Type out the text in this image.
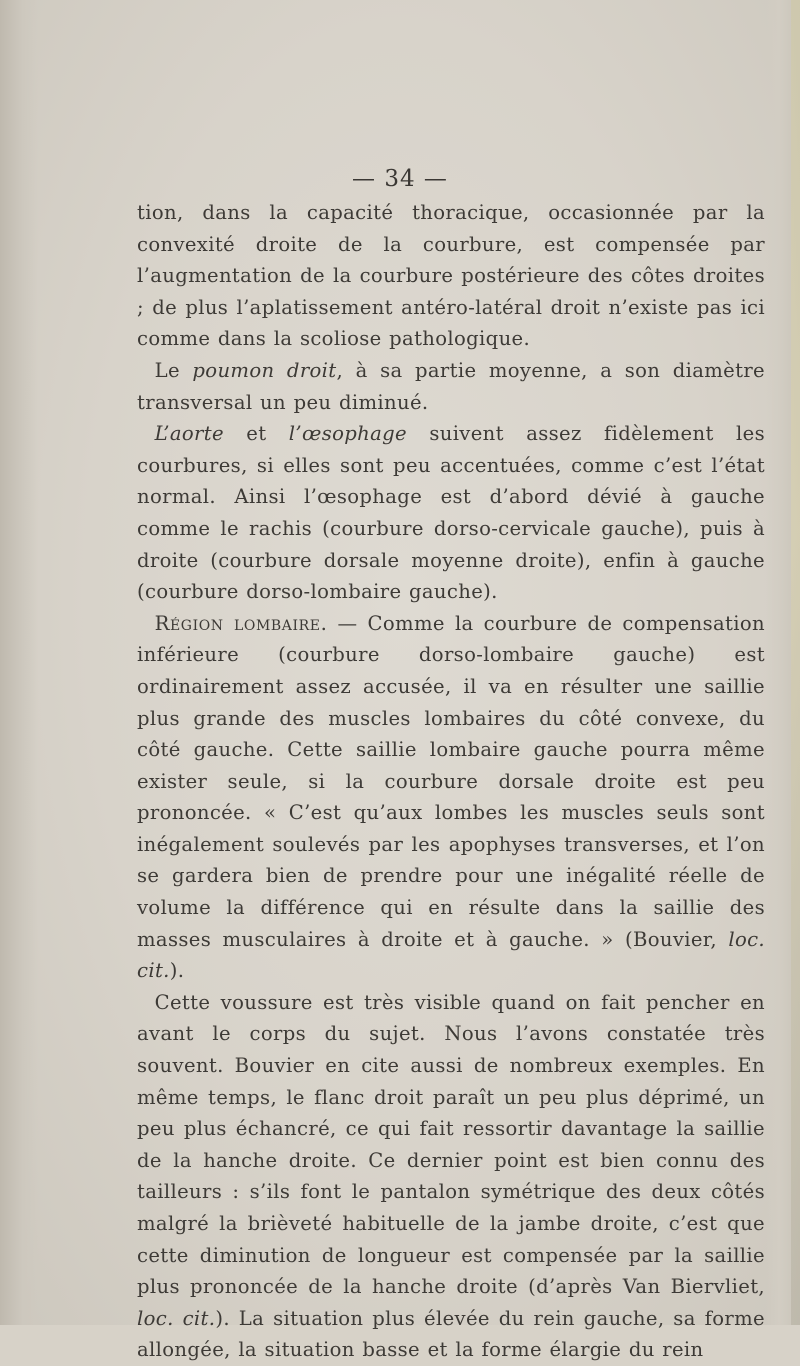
— 34 —

tion, dans la capacité thoracique, occasionnée par la convexité droite de la courbure, est compensée par l’augmentation de la courbure postérieure des côtes droites ; de plus l’aplatissement antéro-latéral droit n’existe pas ici comme dans la scoliose pathologique.

Le poumon droit, à sa partie moyenne, a son diamètre transversal un peu diminué.

L’aorte et l’œsophage suivent assez fidèlement les courbures, si elles sont peu accentuées, comme c’est l’état normal. Ainsi l’œsophage est d’abord dévié à gauche comme le rachis (courbure dorso-cervicale gauche), puis à droite (courbure dorsale moyenne droite), enfin à gauche (courbure dorso-lombaire gauche).

Région lombaire. — Comme la courbure de compensation inférieure (courbure dorso-lombaire gauche) est ordinairement assez accusée, il va en résulter une saillie plus grande des muscles lombaires du côté convexe, du côté gauche. Cette saillie lombaire gauche pourra même exister seule, si la courbure dorsale droite est peu prononcée. « C’est qu’aux lombes les muscles seuls sont inégalement soulevés par les apophyses transverses, et l’on se gardera bien de prendre pour une inégalité réelle de volume la différence qui en résulte dans la saillie des masses musculaires à droite et à gauche. » (Bouvier, loc. cit.).

Cette voussure est très visible quand on fait pencher en avant le corps du sujet. Nous l’avons constatée très souvent. Bouvier en cite aussi de nombreux exemples. En même temps, le flanc droit paraît un peu plus déprimé, un peu plus échancré, ce qui fait ressortir davantage la saillie de la hanche droite. Ce dernier point est bien connu des tailleurs : s’ils font le pantalon symétrique des deux côtés malgré la brièveté habituelle de la jambe droite, c’est que cette diminution de longueur est compensée par la saillie plus prononcée de la hanche droite (d’après Van Biervliet, loc. cit.). La situation plus élevée du rein gauche, sa forme allongée, la situation basse et la forme élargie du rein
